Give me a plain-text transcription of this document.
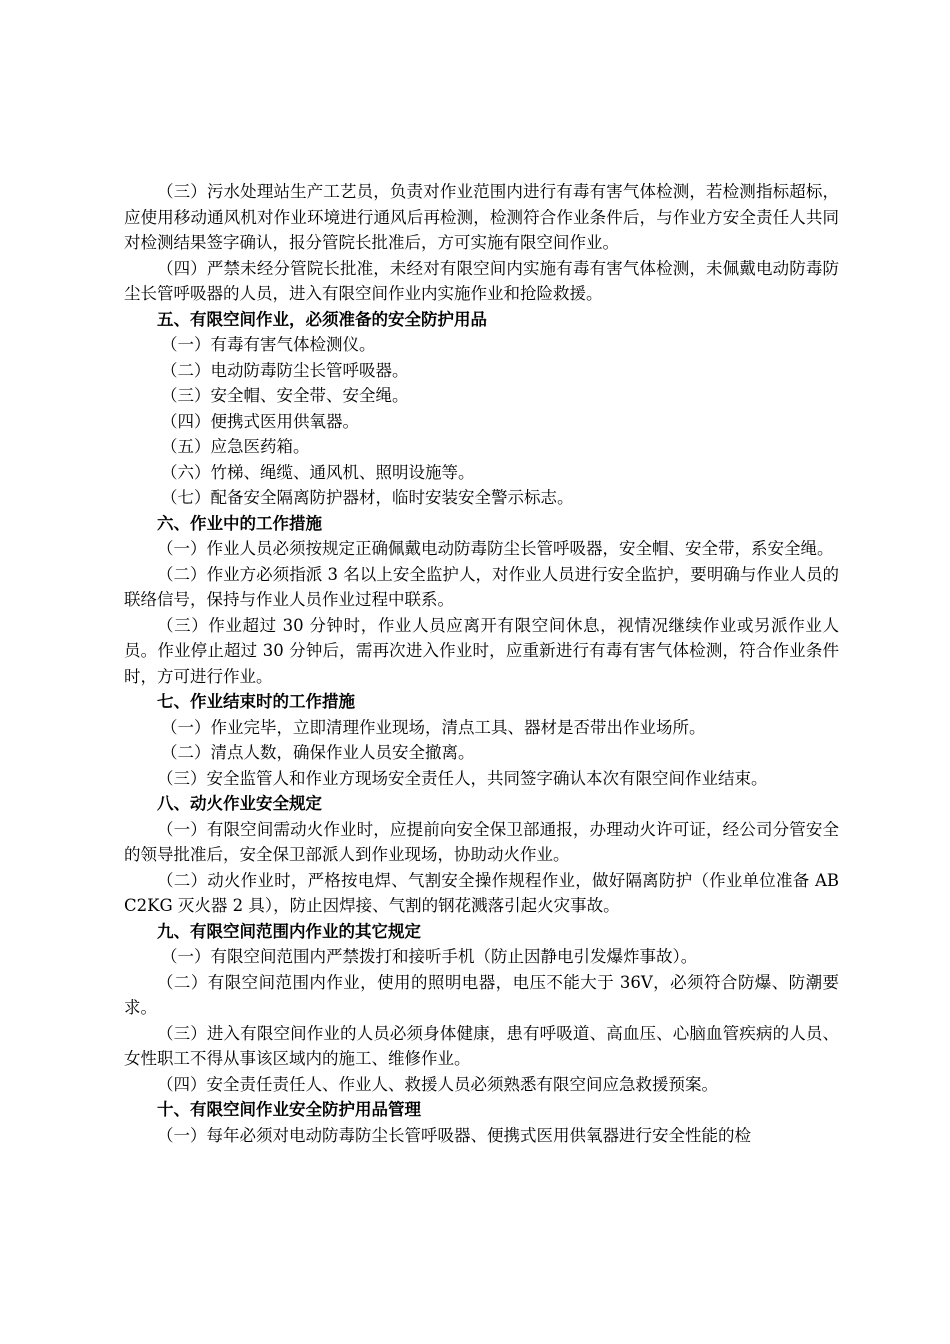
（三）污水处理站生产工艺员，负责对作业范围内进行有毒有害气体检测，若检测指标超标，应使用移动通风机对作业环境进行通风后再检测，检测符合作业条件后，与作业方安全责任人共同对检测结果签字确认，报分管院长批准后，方可实施有限空间作业。

（四）严禁未经分管院长批准，未经对有限空间内实施有毒有害气体检测，未佩戴电动防毒防尘长管呼吸器的人员，进入有限空间作业内实施作业和抢险救援。

五、有限空间作业，必须准备的安全防护用品

（一）有毒有害气体检测仪。

（二）电动防毒防尘长管呼吸器。

（三）安全帽、安全带、安全绳。

（四）便携式医用供氧器。

（五）应急医药箱。

（六）竹梯、绳缆、通风机、照明设施等。

（七）配备安全隔离防护器材，临时安装安全警示标志。

六、作业中的工作措施

（一）作业人员必须按规定正确佩戴电动防毒防尘长管呼吸器，安全帽、安全带，系安全绳。

（二）作业方必须指派 3 名以上安全监护人，对作业人员进行安全监护，要明确与作业人员的联络信号，保持与作业人员作业过程中联系。

（三）作业超过 30 分钟时，作业人员应离开有限空间休息，视情况继续作业或另派作业人员。作业停止超过 30 分钟后，需再次进入作业时，应重新进行有毒有害气体检测，符合作业条件时，方可进行作业。

七、作业结束时的工作措施

（一）作业完毕，立即清理作业现场，清点工具、器材是否带出作业场所。

（二）清点人数，确保作业人员安全撤离。

（三）安全监管人和作业方现场安全责任人，共同签字确认本次有限空间作业结束。

八、动火作业安全规定

（一）有限空间需动火作业时，应提前向安全保卫部通报，办理动火许可证，经公司分管安全的领导批准后，安全保卫部派人到作业现场，协助动火作业。

（二）动火作业时，严格按电焊、气割安全操作规程作业，做好隔离防护（作业单位准备 ABC2KG 灭火器 2 具），防止因焊接、气割的钢花溅落引起火灾事故。

九、有限空间范围内作业的其它规定

（一）有限空间范围内严禁拨打和接听手机（防止因静电引发爆炸事故）。

（二）有限空间范围内作业，使用的照明电器，电压不能大于 36V，必须符合防爆、防潮要求。

（三）进入有限空间作业的人员必须身体健康，患有呼吸道、高血压、心脑血管疾病的人员、女性职工不得从事该区域内的施工、维修作业。

（四）安全责任责任人、作业人、救援人员必须熟悉有限空间应急救援预案。

十、有限空间作业安全防护用品管理

（一）每年必须对电动防毒防尘长管呼吸器、便携式医用供氧器进行安全性能的检
